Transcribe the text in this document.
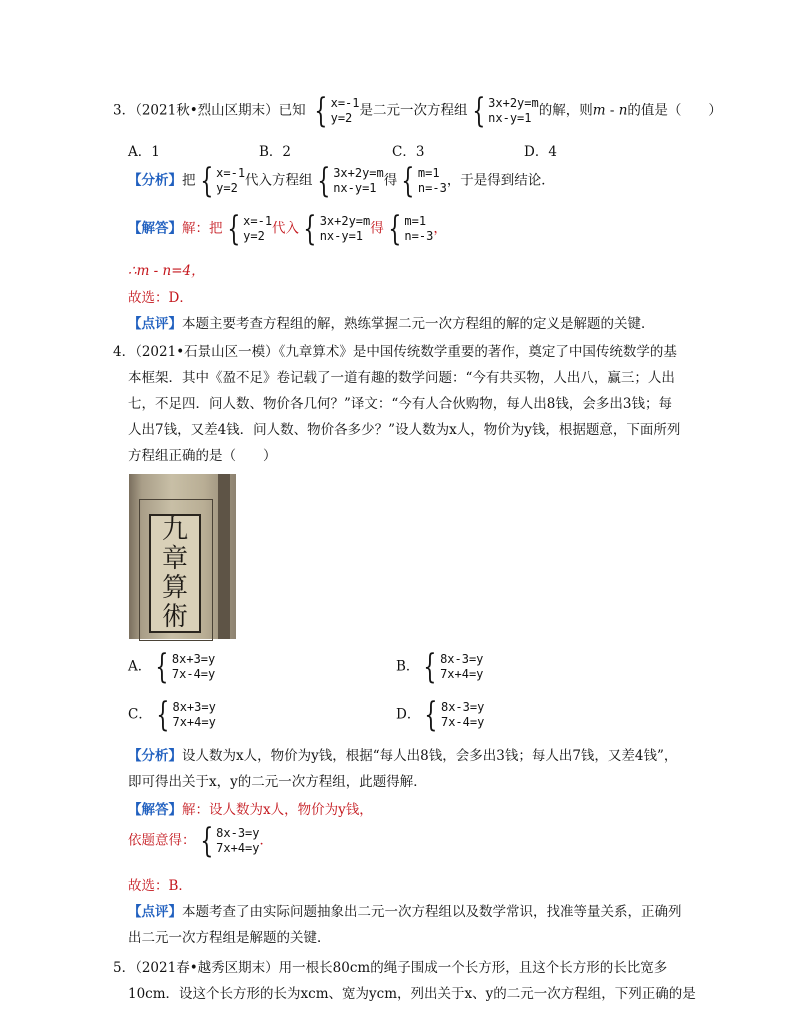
3．（2021秋•烈山区期末）已知 { x=-1
y=2 是二元一次方程组 { 3x+2y=m
nx-y=1 的解，则m - n的值是（　　）
A．1	B．2	C．3	D．4
【分析】把 { x=-1
y=2 代入方程组 { 3x+2y=m
nx-y=1 得 { m=1
n=-3 ，于是得到结论．
【解答】解：把 { x=-1
y=2 代入 { 3x+2y=m
nx-y=1 得 { m=1
n=-3 ，
∴m - n=4，
故选：D．
【点评】本题主要考查方程组的解，熟练掌握二元一次方程组的解的定义是解题的关键．
4．（2021•石景山区一模）《九章算术》是中国传统数学重要的著作，奠定了中国传统数学的基
本框架．其中《盈不足》卷记载了一道有趣的数学问题：“今有共买物，人出八，赢三；人出
七，不足四．问人数、物价各几何？”译文：“今有人合伙购物，每人出8钱，会多出3钱；每
人出7钱，又差4钱．问人数、物价各多少？”设人数为x人，物价为y钱，根据题意，下面所列
方程组正确的是（　　）
九
章
算
術
A． { 8x+3=y
7x-4=y	B． { 8x-3=y
7x+4=y
C． { 8x+3=y
7x+4=y	D． { 8x-3=y
7x-4=y
【分析】设人数为x人，物价为y钱，根据“每人出8钱，会多出3钱；每人出7钱，又差4钱”，
即可得出关于x，y的二元一次方程组，此题得解．
【解答】解：设人数为x人，物价为y钱，
依题意得： { 8x-3=y
7x+4=y ．
故选：B．
【点评】本题考查了由实际问题抽象出二元一次方程组以及数学常识，找准等量关系，正确列
出二元一次方程组是解题的关键．
5．（2021春•越秀区期末）用一根长80cm的绳子围成一个长方形，且这个长方形的长比宽多
10cm．设这个长方形的长为xcm、宽为ycm，列出关于x、y的二元一次方程组，下列正确的是
